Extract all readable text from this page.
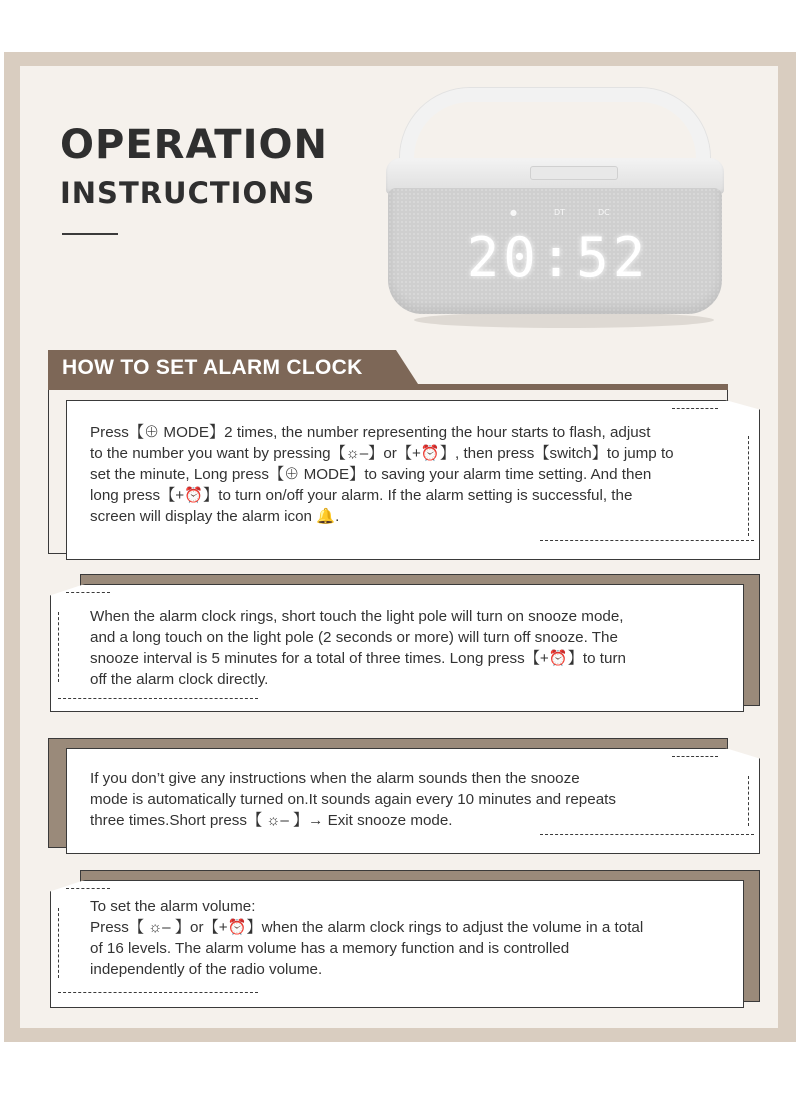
OPERATION
INSTRUCTIONS
●	DT	DC
20:52
HOW TO SET ALARM CLOCK
Press【⊕ MODE】2 times, the number representing the hour starts to flash, adjust
to the number you want by pressing【☼–】or【+⏰】, then press【switch】to jump to
set the minute, Long press【⊕ MODE】to saving your alarm time setting. And then
long press【+⏰】to turn on/off your alarm. If the alarm setting is successful, the
screen will display the alarm icon 🔔.
When the alarm clock rings, short touch the light pole will turn on snooze mode,
and a long touch on the light pole (2 seconds or more) will turn off snooze. The
snooze interval is 5 minutes for a total of three times. Long press【+⏰】to turn
off the alarm clock directly.
If you don’t give any instructions when the alarm sounds then the snooze
mode is automatically turned on.It sounds again every 10 minutes and repeats
three times.Short press【 ☼– 】→ Exit snooze mode.
To set the alarm volume:
Press【 ☼– 】or【+⏰】when the alarm clock rings to adjust the volume in a total
of 16 levels. The alarm volume has a memory function and is controlled
independently of the radio volume.
